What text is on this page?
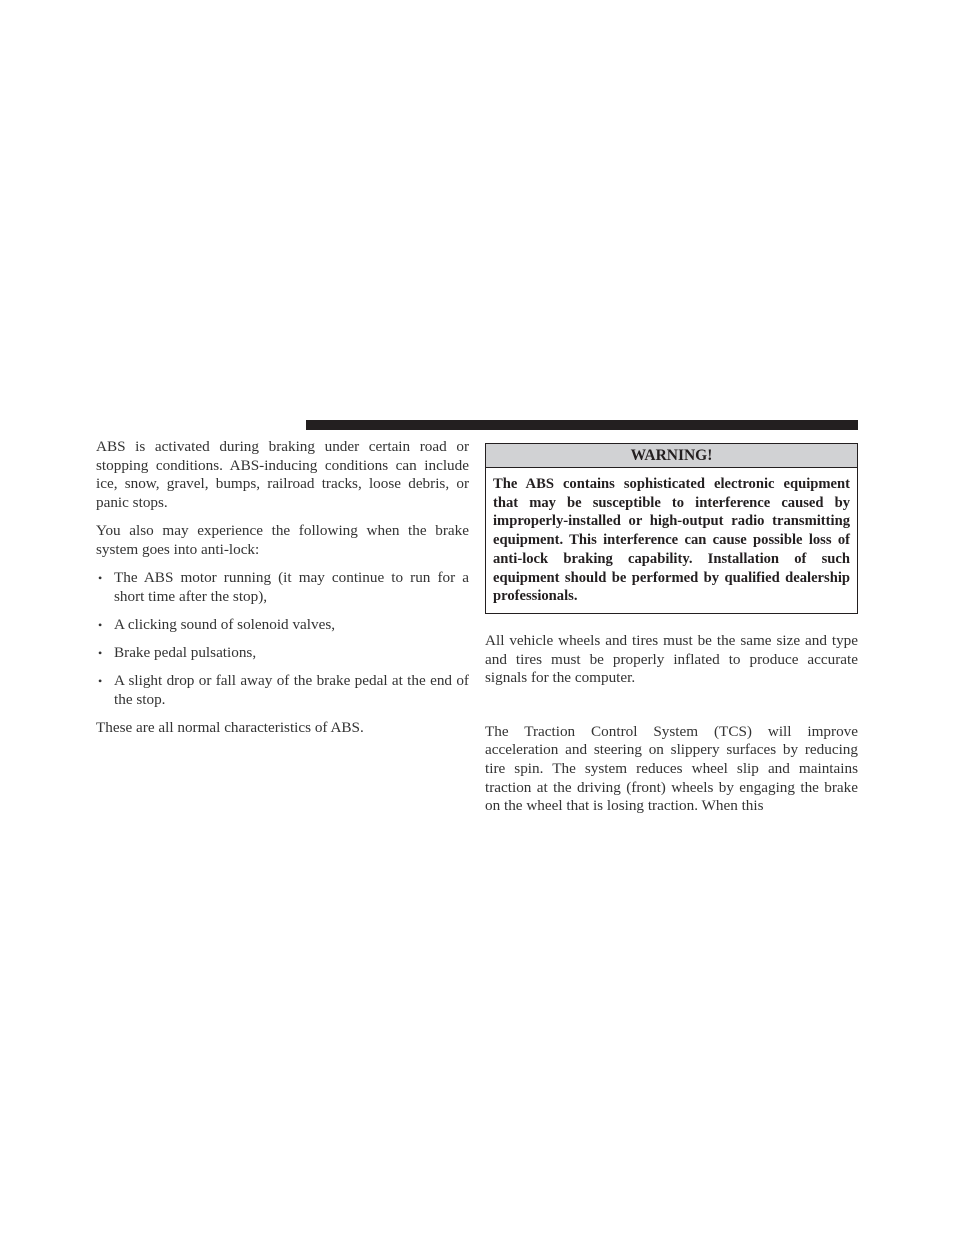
ABS is activated during braking under certain road or stopping conditions. ABS-inducing conditions can include ice, snow, gravel, bumps, railroad tracks, loose debris, or panic stops.

You also may experience the following when the brake system goes into anti-lock:

• The ABS motor running (it may continue to run for a short time after the stop),
• A clicking sound of solenoid valves,
• Brake pedal pulsations,
• A slight drop or fall away of the brake pedal at the end of the stop.

These are all normal characteristics of ABS.

WARNING!
The ABS contains sophisticated electronic equipment that may be susceptible to interference caused by improperly-installed or high-output radio transmitting equipment. This interference can cause possible loss of anti-lock braking capability. Installation of such equipment should be performed by qualified dealership professionals.

All vehicle wheels and tires must be the same size and type and tires must be properly inflated to produce accurate signals for the computer.

The Traction Control System (TCS) will improve acceleration and steering on slippery surfaces by reducing tire spin. The system reduces wheel slip and maintains traction at the driving (front) wheels by engaging the brake on the wheel that is losing traction. When this
